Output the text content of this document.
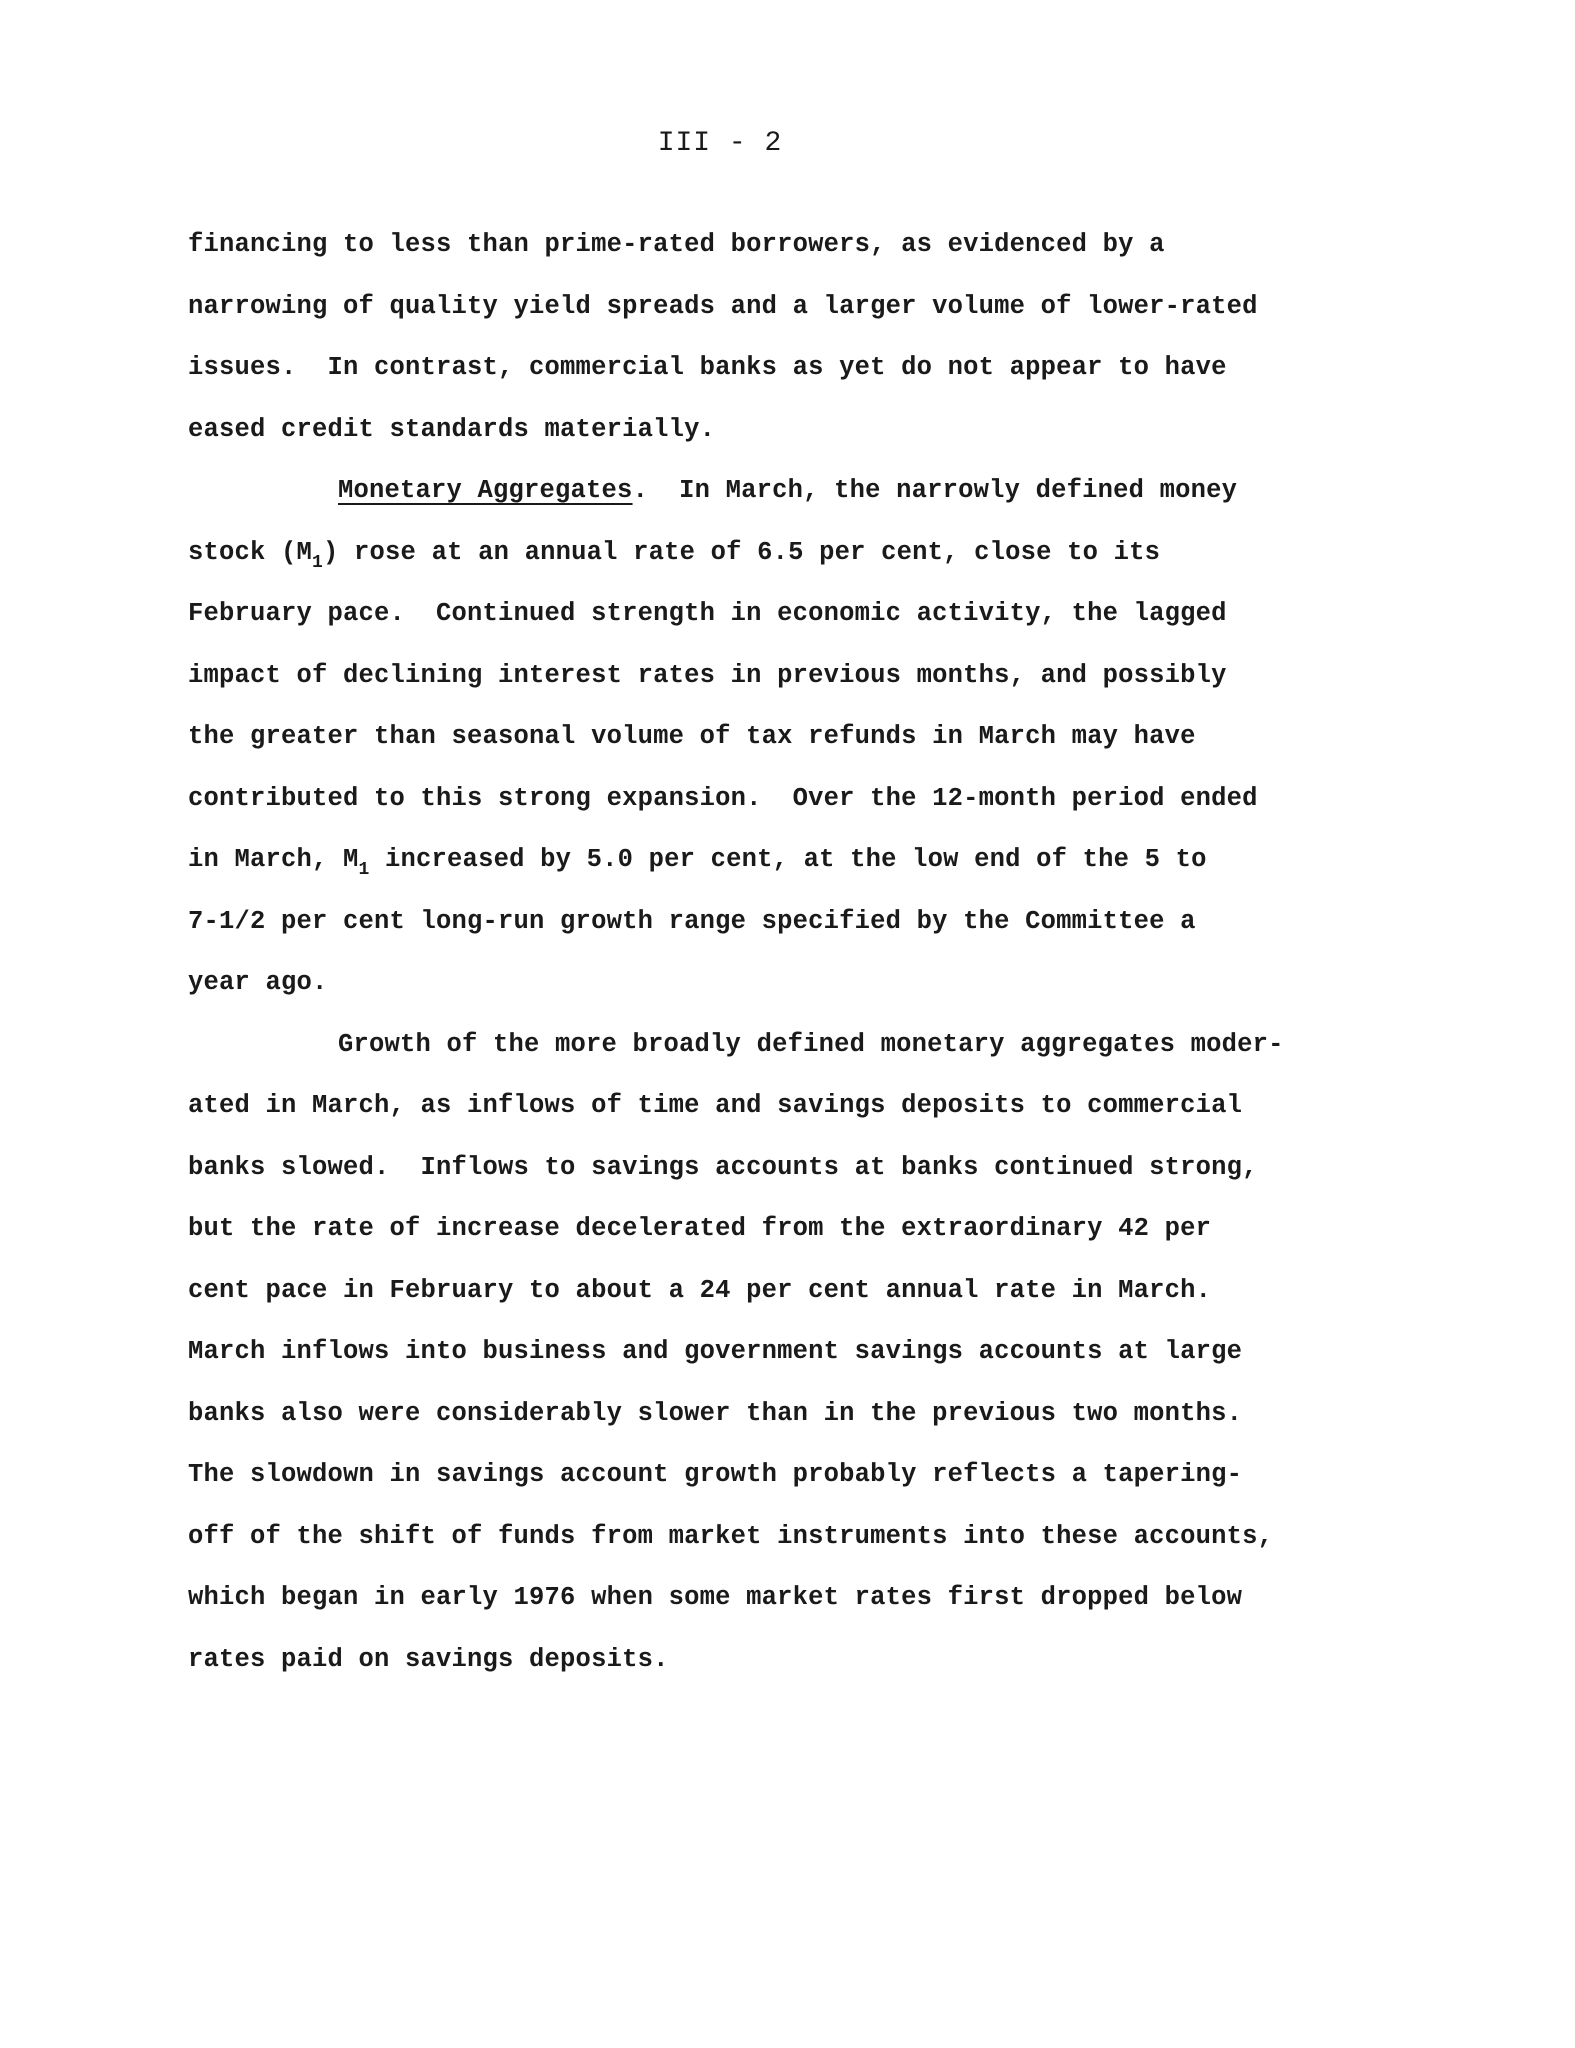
III - 2
financing to less than prime-rated borrowers, as evidenced by a
narrowing of quality yield spreads and a larger volume of lower-rated
issues.  In contrast, commercial banks as yet do not appear to have
eased credit standards materially.
Monetary Aggregates.  In March, the narrowly defined money
stock $(M_1)$ rose at an annual rate of 6.5 per cent, close to its
February pace.  Continued strength in economic activity, the lagged
impact of declining interest rates in previous months, and possibly
the greater than seasonal volume of tax refunds in March may have
contributed to this strong expansion.  Over the 12-month period ended
in March, $M_1$ increased by 5.0 per cent, at the low end of the 5 to
7-1/2 per cent long-run growth range specified by the Committee a
year ago.
Growth of the more broadly defined monetary aggregates moder-
ated in March, as inflows of time and savings deposits to commercial
banks slowed.  Inflows to savings accounts at banks continued strong,
but the rate of increase decelerated from the extraordinary 42 per
cent pace in February to about a 24 per cent annual rate in March.
March inflows into business and government savings accounts at large
banks also were considerably slower than in the previous two months.
The slowdown in savings account growth probably reflects a tapering-
off of the shift of funds from market instruments into these accounts,
which began in early 1976 when some market rates first dropped below
rates paid on savings deposits.
